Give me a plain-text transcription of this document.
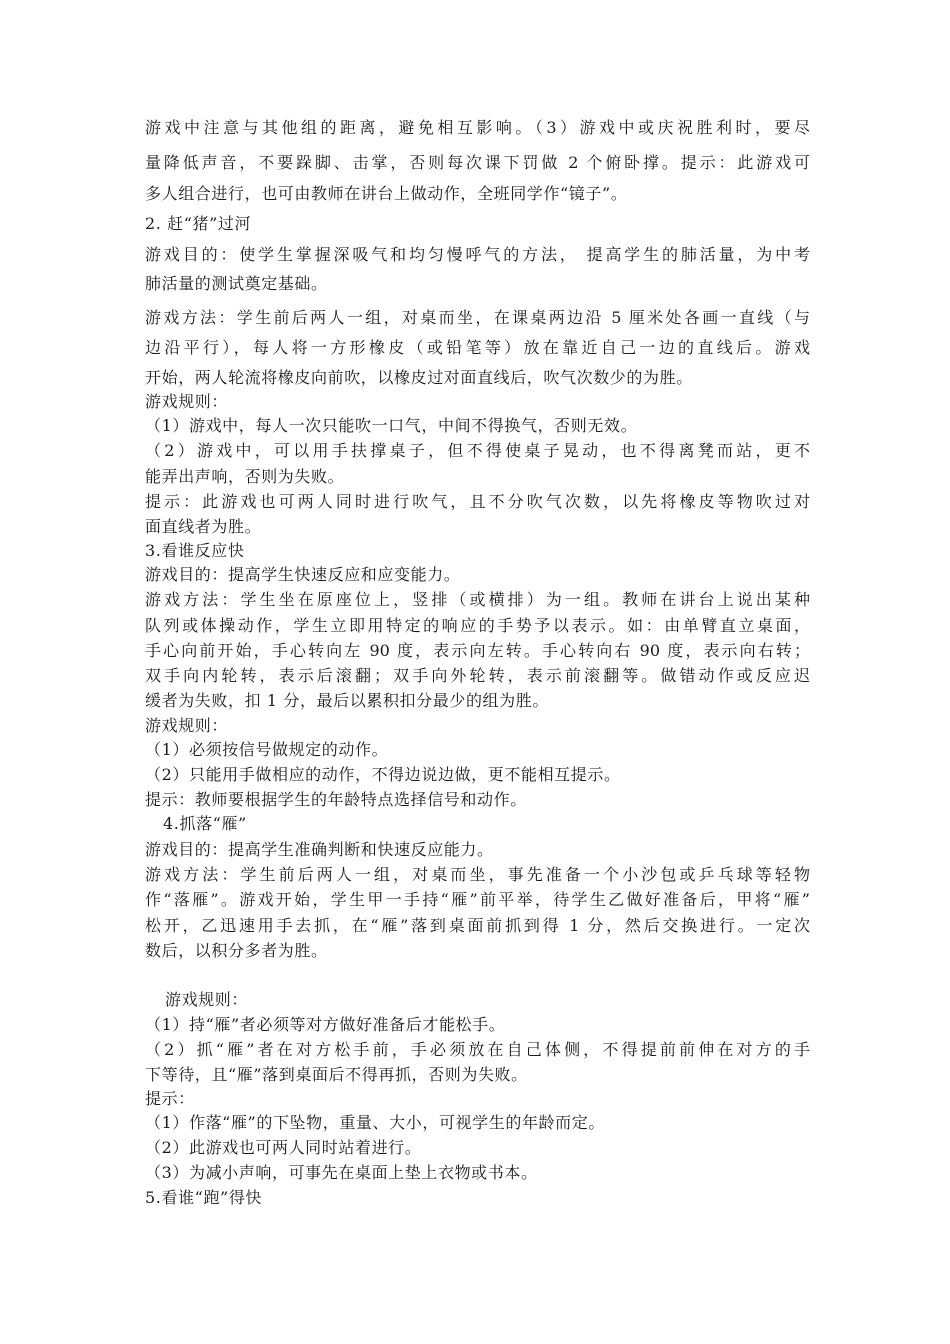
游戏中注意与其他组的距离，避免相互影响。（3）游戏中或庆祝胜利时，要尽
量降低声音，不要跺脚、击掌，否则每次课下罚做 2 个俯卧撑。提示：此游戏可
多人组合进行，也可由教师在讲台上做动作，全班同学作“镜子”。
2. 赶“猪”过河
游戏目的：使学生掌握深吸气和均匀慢呼气的方法， 提高学生的肺活量，为中考
肺活量的测试奠定基础。
游戏方法：学生前后两人一组，对桌而坐，在课桌两边沿 5 厘米处各画一直线（与
边沿平行），每人将一方形橡皮（或铅笔等）放在靠近自己一边的直线后。游戏
开始，两人轮流将橡皮向前吹，以橡皮过对面直线后，吹气次数少的为胜。
游戏规则：
（1）游戏中，每人一次只能吹一口气，中间不得换气，否则无效。
（2）游戏中，可以用手扶撑桌子，但不得使桌子晃动，也不得离凳而站，更不
能弄出声响，否则为失败。
提示：此游戏也可两人同时进行吹气，且不分吹气次数，以先将橡皮等物吹过对
面直线者为胜。
3.看谁反应快
游戏目的：提高学生快速反应和应变能力。
游戏方法：学生坐在原座位上，竖排（或横排）为一组。教师在讲台上说出某种
队列或体操动作，学生立即用特定的响应的手势予以表示。如：由单臂直立桌面，
手心向前开始，手心转向左 90 度，表示向左转。手心转向右 90 度，表示向右转；
双手向内轮转，表示后滚翻；双手向外轮转，表示前滚翻等。做错动作或反应迟
缓者为失败，扣 1 分，最后以累积扣分最少的组为胜。
游戏规则：
（1）必须按信号做规定的动作。
（2）只能用手做相应的动作，不得边说边做，更不能相互提示。
提示：教师要根据学生的年龄特点选择信号和动作。
4.抓落“雁”
游戏目的：提高学生准确判断和快速反应能力。
游戏方法：学生前后两人一组，对桌而坐，事先准备一个小沙包或乒乓球等轻物
作“落雁”。游戏开始，学生甲一手持“雁”前平举，待学生乙做好准备后，甲将“雁”
松开，乙迅速用手去抓，在“雁”落到桌面前抓到得 1 分，然后交换进行。一定次
数后，以积分多者为胜。
游戏规则：
（1）持“雁”者必须等对方做好准备后才能松手。
（2）抓“雁”者在对方松手前，手必须放在自己体侧，不得提前前伸在对方的手
下等待，且“雁”落到桌面后不得再抓，否则为失败。
提示：
（1）作落“雁”的下坠物，重量、大小，可视学生的年龄而定。
（2）此游戏也可两人同时站着进行。
（3）为减小声响，可事先在桌面上垫上衣物或书本。
5.看谁“跑”得快
